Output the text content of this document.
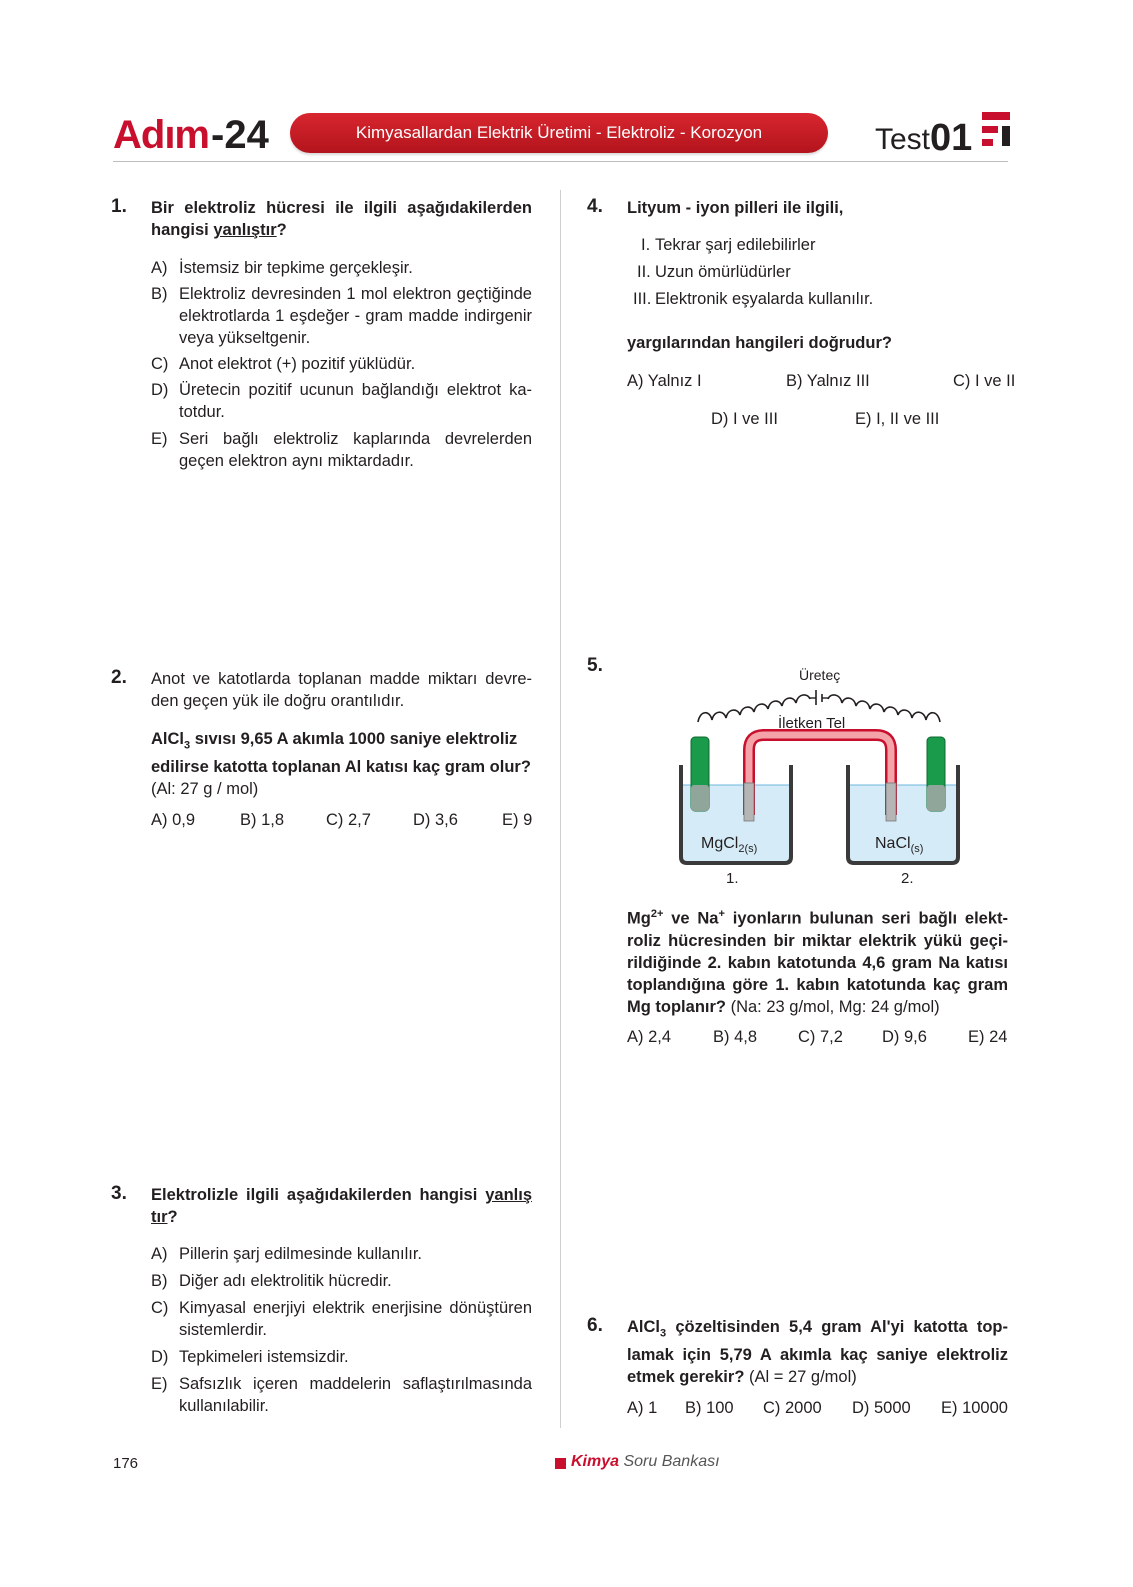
Adım-24	Kimyasallardan Elektrik Üretimi - Elektroliz - Korozyon	Test 01
1. Bir elektroliz hücresi ile ilgili aşağıdakilerden hangisi yanlıştır?
A) İstemsiz bir tepkime gerçekleşir.
B) Elektroliz devresinden 1 mol elektron geçtiğinde elektrotlarda 1 eşdeğer - gram madde indirgenir veya yükseltgenir.
C) Anot elektrot (+) pozitif yüklüdür.
D) Üretecin pozitif ucunun bağlandığı elektrot katotdur.
E) Seri bağlı elektroliz kaplarında devrelerden geçen elektron aynı miktardadır.
2. Anot ve katotlarda toplanan madde miktarı devreden geçen yük ile doğru orantılıdır.
AlCl$_3$ sıvısı 9,65 A akımla 1000 saniye elektroliz edilirse katotta toplanan Al katısı kaç gram olur?
(Al: 27 g / mol)
A) 0,9	B) 1,8	C) 2,7	D) 3,6	E) 9
3. Elektrolizle ilgili aşağıdakilerden hangisi yanlış tır?
A) Pillerin şarj edilmesinde kullanılır.
B) Diğer adı elektrolitik hücredir.
C) Kimyasal enerjiyi elektrik enerjisine dönüştüren sistemlerdir.
D) Tepkimeleri istemsizdir.
E) Safsızlık içeren maddelerin saflaştırılmasında kullanılabilir.
4. Lityum - iyon pilleri ile ilgili,
I. Tekrar şarj edilebilirler
II. Uzun ömürlüdürler
III. Elektronik eşyalarda kullanılır.
yargılarından hangileri doğrudur?
A) Yalnız I	B) Yalnız III	C) I ve II
D) I ve III	E) I, II ve III
5.	Üreteç
İletken Tel
MgCl$_{2(s)}$	NaCl$_{(s)}$
1.	2.
$Mg^{2+}$ ve Na+ iyonların bulunan seri bağlı elektroliz hücresinden bir miktar elektrik yükü geçirildiğinde 2. kabın katotunda 4,6 gram Na katısı toplandığına göre 1. kabın katotunda kaç gram Mg toplanır? (Na: 23 g/mol, Mg: 24 g/mol)
A) 2,4	B) 4,8 C) 7,2 D) 9,6 E) 24
6. AlCl$_3$ çözeltisinden 5,4 gram Al'yi katotta toplamak için 5,79 A akımla kaç saniye elektroliz etmek gerekir? (Al = 27 g/mol)
A) 1 B) 100 C) 2000 D) 5000 E) 10000
176	Kimya Soru Bankası
